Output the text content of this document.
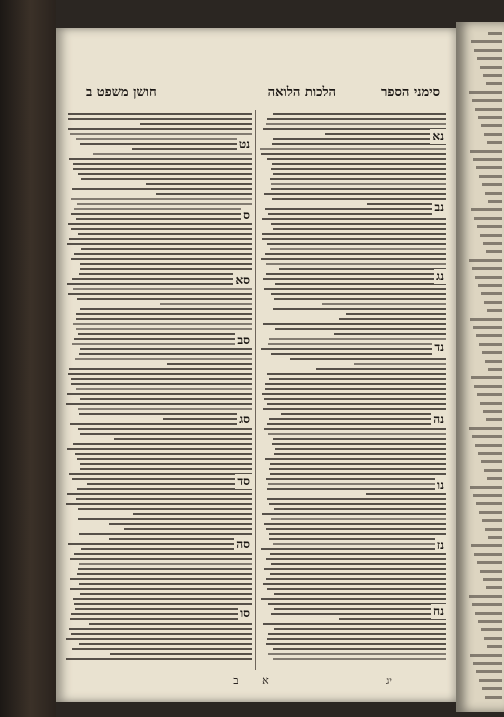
סימני הספר
הלכות הלואה
חושן משפט ב
נט
ס
סא
סב
סג
סד
סה
סו
נא
נב
נג
נד
נה
נו
נז
נח
א ב	יג
